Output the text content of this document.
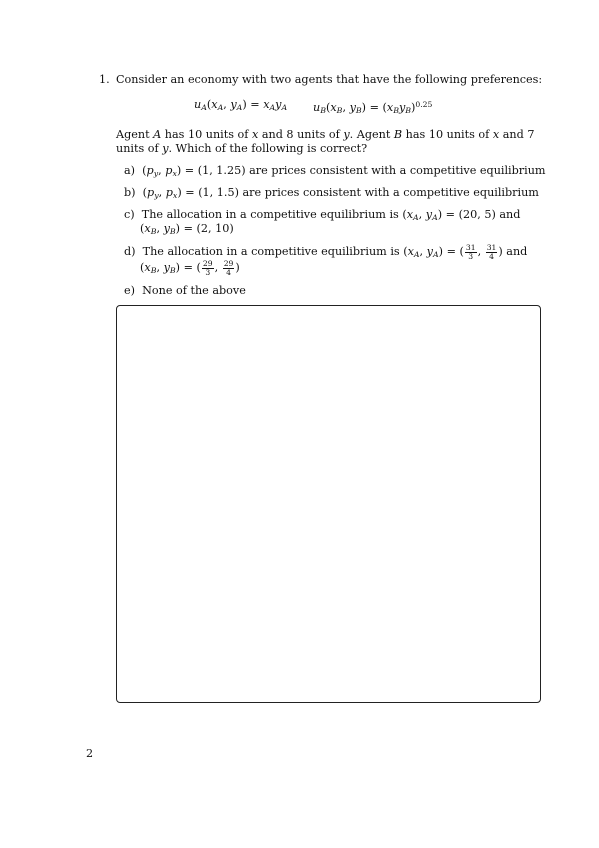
1. Consider an economy with two agents that have the following preferences:
$u_A(x_A$, $y_A) = x_Ay_A$ $u_B(x_B$, $y_B) = (x_By_B)^{0.25}$
Agent A has 10 units of x and 8 units of y. Agent B has 10 units of x and 7
units of y. Which of the following is correct?
a)  ($p_y$, $p_x) = (1$, 1.25) are prices consistent with a competitive equilibrium
b)  ($p_y$, $p_x) = (1$, 1.5) are prices consistent with a competitive equilibrium
c)  The allocation in a competitive equilibrium is ($x_A$, $y_A) = (20$, 5) and
($x_B$, $y_B) = (2$, 10)
d)  The allocation in a competitive equilibrium is ($x_A$, $y_A$) = ( $\frac{31}{3}$ , $\frac{31}{4}$ ) and
($x_B$, $y_B$) = ( $\frac{29}{3}$ , $\frac{29}{4}$ )
e) None of the above
2
